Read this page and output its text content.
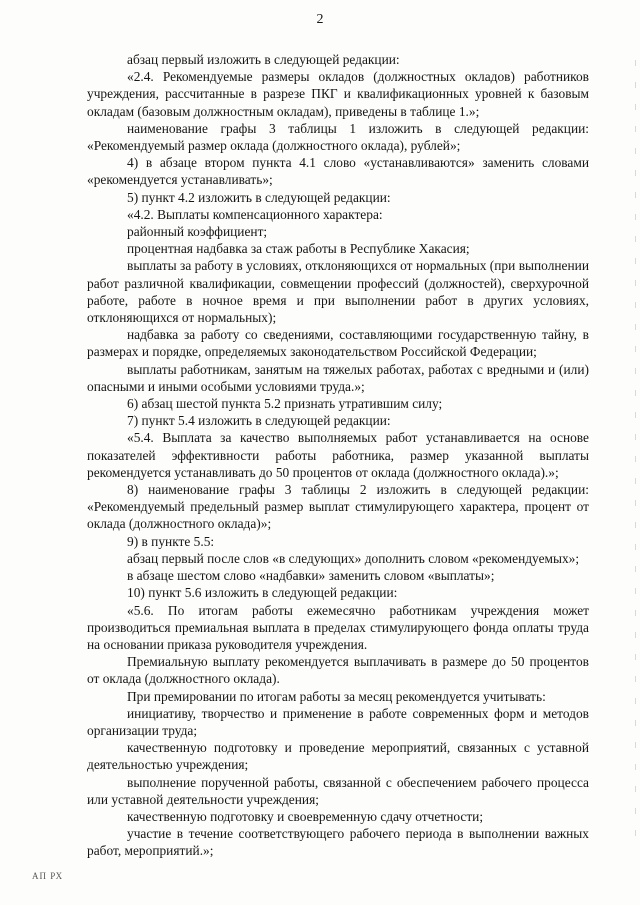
2

абзац первый изложить в следующей редакции:

«2.4. Рекомендуемые размеры окладов (должностных окладов) работников учреждения, рассчитанные в разрезе ПКГ и квалификационных уровней к базовым окладам (базовым должностным окладам), приведены в таблице 1.»;

наименование графы 3 таблицы 1 изложить в следующей редакции: «Рекомендуемый размер оклада (должностного оклада), рублей»;

4) в абзаце втором пункта 4.1 слово «устанавливаются» заменить словами «рекомендуется устанавливать»;

5) пункт 4.2 изложить в следующей редакции:

«4.2. Выплаты компенсационного характера:

районный коэффициент;

процентная надбавка за стаж работы в Республике Хакасия;

выплаты за работу в условиях, отклоняющихся от нормальных (при выполнении работ различной квалификации, совмещении профессий (должностей), сверхурочной работе, работе в ночное время и при выполнении работ в других условиях, отклоняющихся от нормальных);

надбавка за работу со сведениями, составляющими государственную тайну, в размерах и порядке, определяемых законодательством Российской Федерации;

выплаты работникам, занятым на тяжелых работах, работах с вредными и (или) опасными и иными особыми условиями труда.»;

6) абзац шестой пункта 5.2 признать утратившим силу;

7) пункт 5.4 изложить в следующей редакции:

«5.4. Выплата за качество выполняемых работ устанавливается на основе показателей эффективности работы работника, размер указанной выплаты рекомендуется устанавливать до 50 процентов от оклада (должностного оклада).»;

8) наименование графы 3 таблицы 2 изложить в следующей редакции: «Рекомендуемый предельный размер выплат стимулирующего характера, процент от оклада (должностного оклада)»;

9) в пункте 5.5:

абзац первый после слов «в следующих» дополнить словом «рекомендуемых»;

в абзаце шестом слово «надбавки» заменить словом «выплаты»;

10) пункт 5.6 изложить в следующей редакции:

«5.6. По итогам работы ежемесячно работникам учреждения может производиться премиальная выплата в пределах стимулирующего фонда оплаты труда на основании приказа руководителя учреждения.

Премиальную выплату рекомендуется выплачивать в размере до 50 процентов от оклада (должностного оклада).

При премировании по итогам работы за месяц рекомендуется учитывать:

инициативу, творчество и применение в работе современных форм и методов организации труда;

качественную подготовку и проведение мероприятий, связанных с уставной деятельностью учреждения;

выполнение порученной работы, связанной с обеспечением рабочего процесса или уставной деятельности учреждения;

качественную подготовку и своевременную сдачу отчетности;

участие в течение соответствующего рабочего периода в выполнении важных работ, мероприятий.»;

АП РХ
